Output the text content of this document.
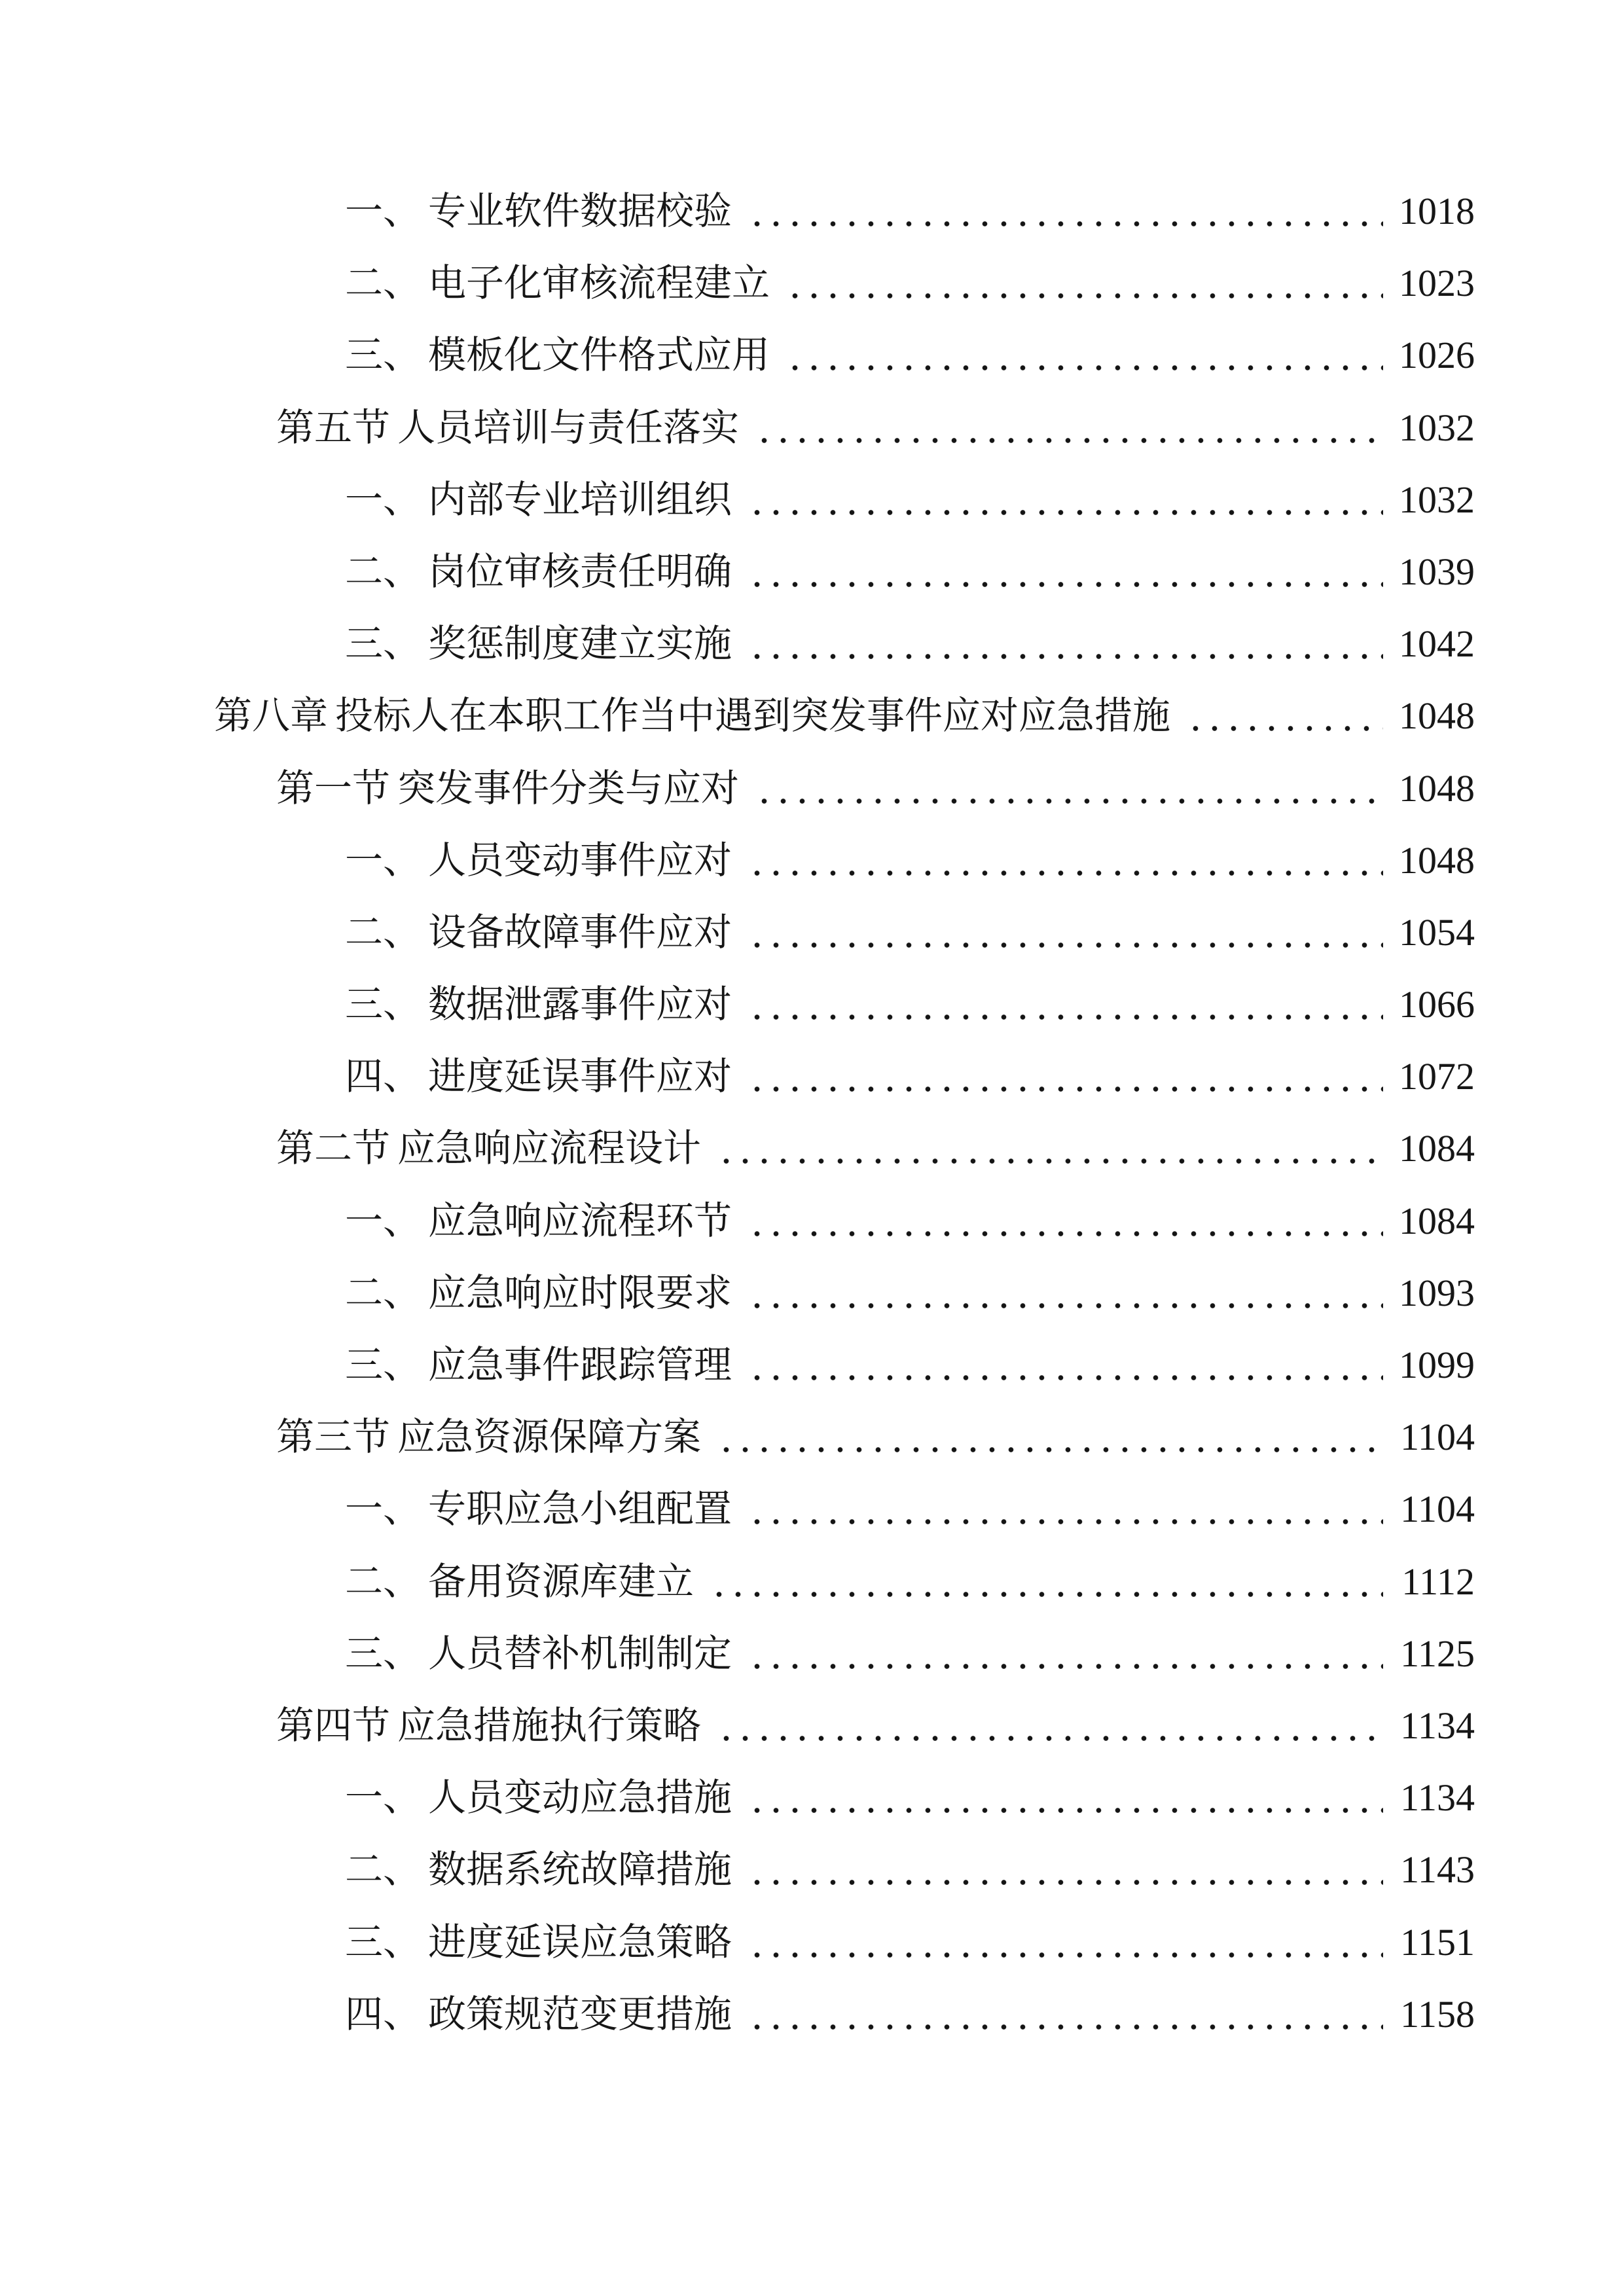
一、 专业软件数据校验	1018
二、 电子化审核流程建立	1023
三、 模板化文件格式应用	1026
第五节 人员培训与责任落实	1032
一、 内部专业培训组织	1032
二、 岗位审核责任明确	1039
三、 奖惩制度建立实施	1042
第八章 投标人在本职工作当中遇到突发事件应对应急措施	1048
第一节 突发事件分类与应对	1048
一、 人员变动事件应对	1048
二、 设备故障事件应对	1054
三、 数据泄露事件应对	1066
四、 进度延误事件应对	1072
第二节 应急响应流程设计	1084
一、 应急响应流程环节	1084
二、 应急响应时限要求	1093
三、 应急事件跟踪管理	1099
第三节 应急资源保障方案	1104
一、 专职应急小组配置	1104
二、 备用资源库建立	1112
三、 人员替补机制制定	1125
第四节 应急措施执行策略	1134
一、 人员变动应急措施	1134
二、 数据系统故障措施	1143
三、 进度延误应急策略	1151
四、 政策规范变更措施	1158
